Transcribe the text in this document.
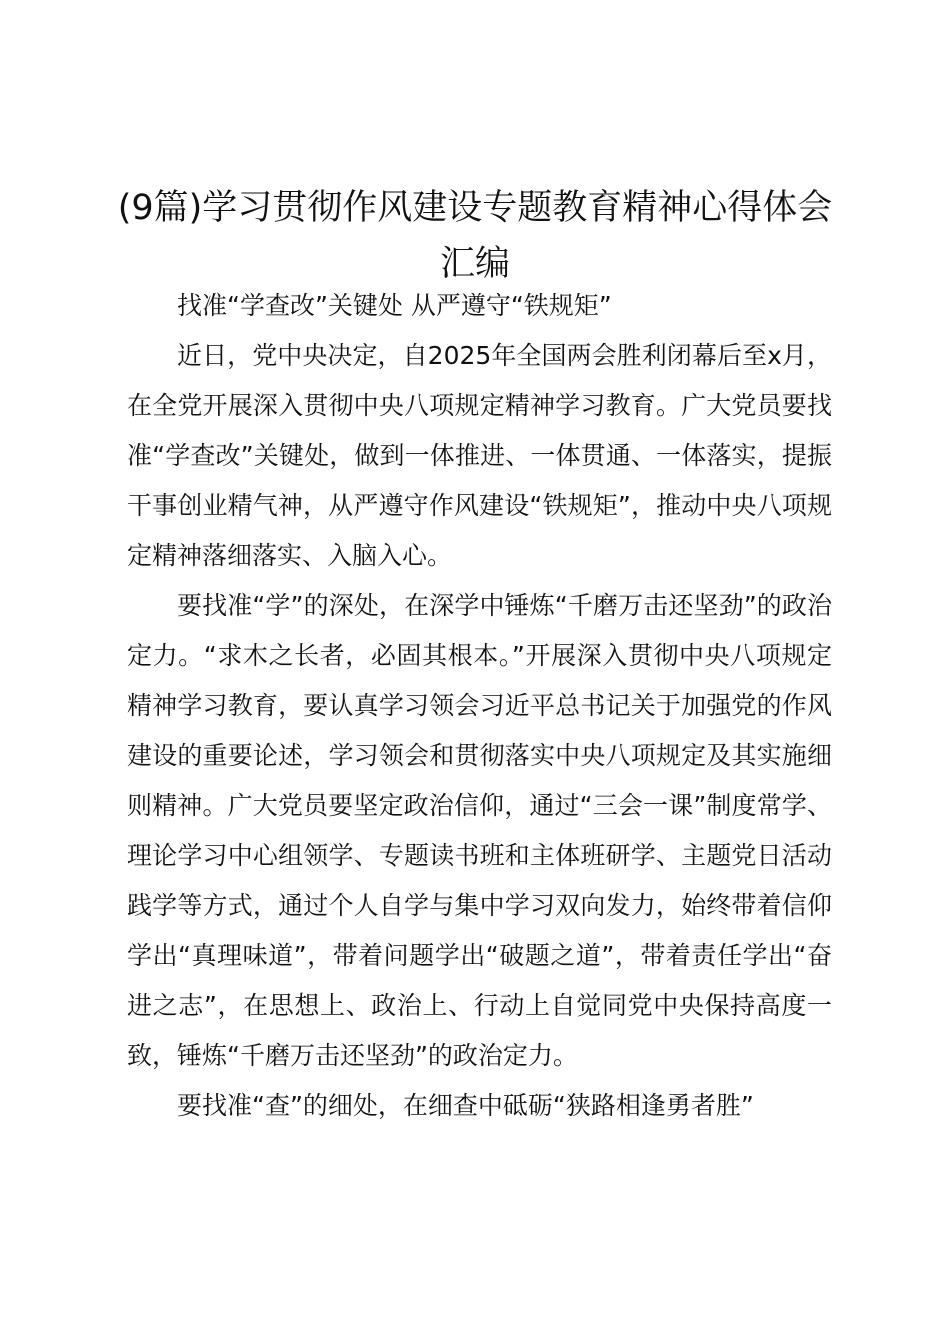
(9篇)学习贯彻作风建设专题教育精神心得体会汇编

找准“学查改”关键处 从严遵守“铁规矩”

近日，党中央决定，自2025年全国两会胜利闭幕后至x月，在全党开展深入贯彻中央八项规定精神学习教育。广大党员要找准“学查改”关键处，做到一体推进、一体贯通、一体落实，提振干事创业精气神，从严遵守作风建设“铁规矩”，推动中央八项规定精神落细落实、入脑入心。

要找准“学”的深处，在深学中锤炼“千磨万击还坚劲”的政治定力。“求木之长者，必固其根本。”开展深入贯彻中央八项规定精神学习教育，要认真学习领会习近平总书记关于加强党的作风建设的重要论述，学习领会和贯彻落实中央八项规定及其实施细则精神。广大党员要坚定政治信仰，通过“三会一课”制度常学、理论学习中心组领学、专题读书班和主体班研学、主题党日活动践学等方式，通过个人自学与集中学习双向发力，始终带着信仰学出“真理味道”，带着问题学出“破题之道”，带着责任学出“奋进之志”，在思想上、政治上、行动上自觉同党中央保持高度一致，锤炼“千磨万击还坚劲”的政治定力。

要找准“查”的细处，在细查中砥砺“狭路相逢勇者胜”
